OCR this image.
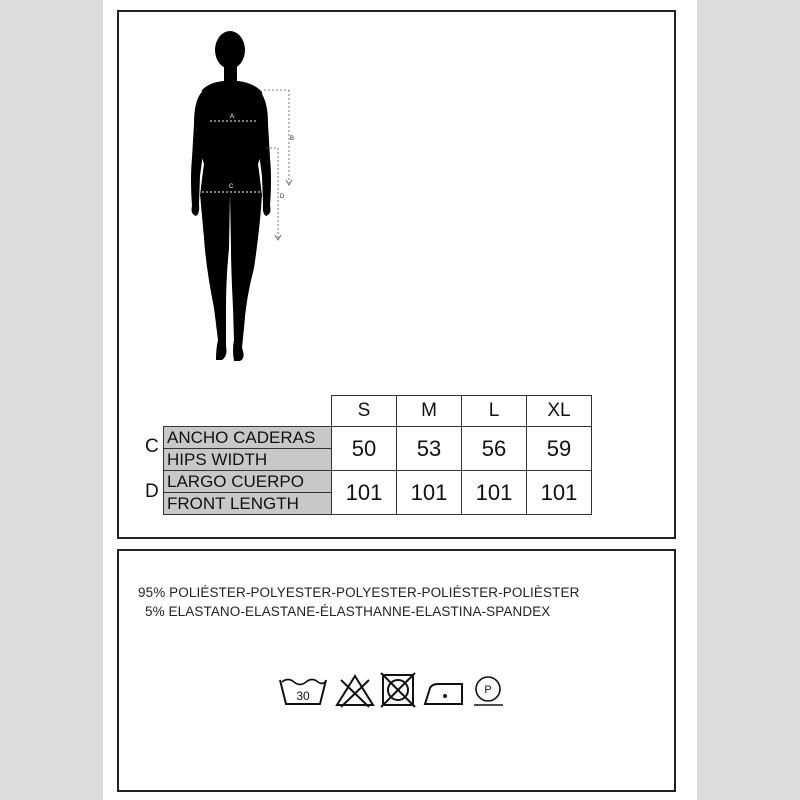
A
C
B
D
C
D
	S	M	L	XL
ANCHO CADERAS	50	53	56	59
HIPS WIDTH				
LARGO CUERPO	101	101	101	101
FRONT LENGTH				
95% POLIÉSTER-POLYESTER-POLYESTER-POLIÉSTER-POLIÈSTER
5% ELASTANO-ELASTANE-ÉLASTHANNE-ELASTINA-SPANDEX
30	P
